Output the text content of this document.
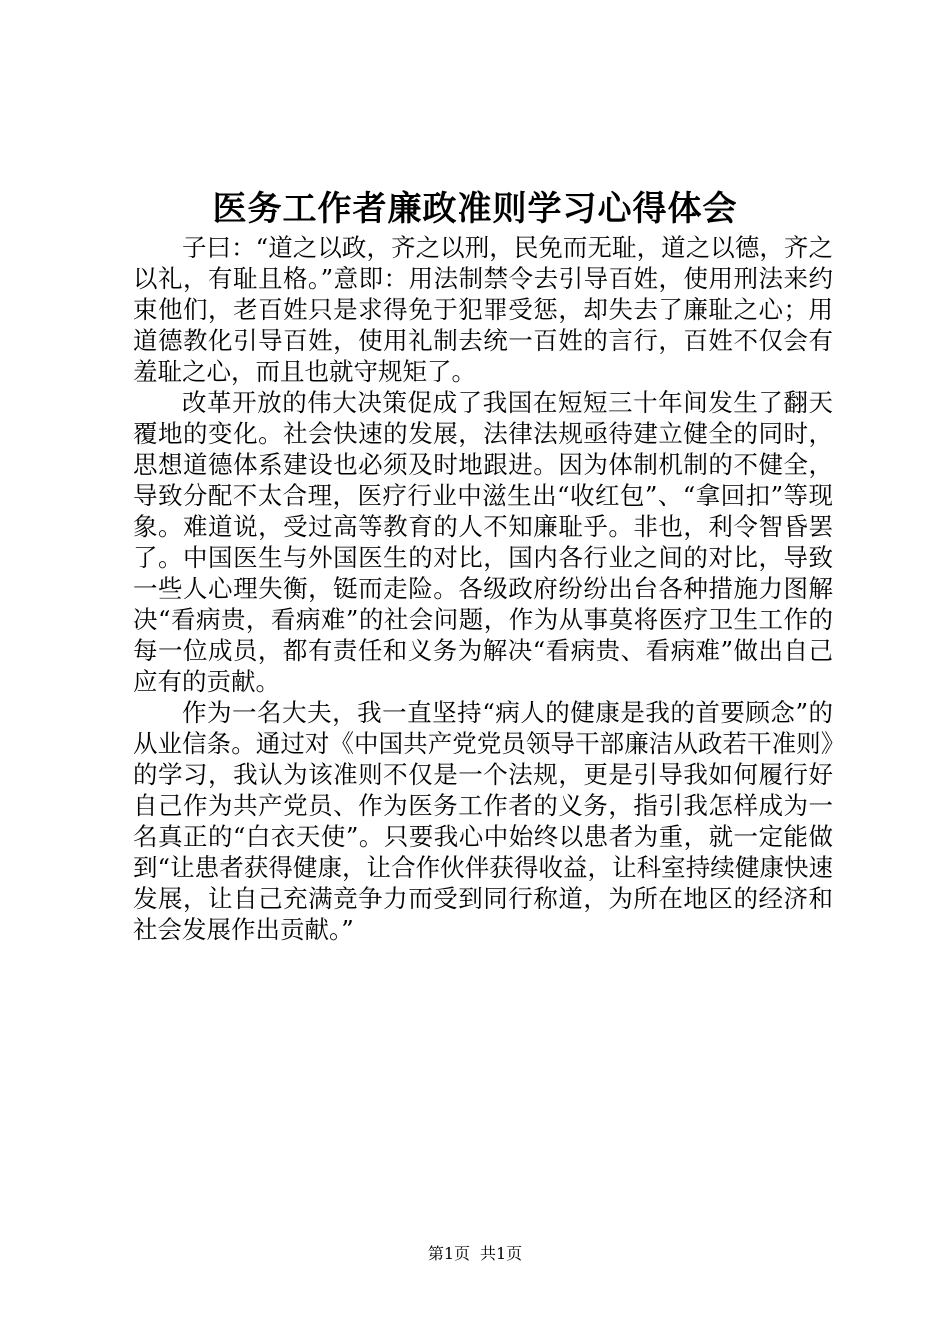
医务工作者廉政准则学习心得体会

子曰：“道之以政，齐之以刑，民免而无耻，道之以德，齐之以礼，有耻且格。”意即：用法制禁令去引导百姓，使用刑法来约束他们，老百姓只是求得免于犯罪受惩，却失去了廉耻之心；用道德教化引导百姓，使用礼制去统一百姓的言行，百姓不仅会有羞耻之心，而且也就守规矩了。

改革开放的伟大决策促成了我国在短短三十年间发生了翻天覆地的变化。社会快速的发展，法律法规亟待建立健全的同时，思想道德体系建设也必须及时地跟进。因为体制机制的不健全，导致分配不太合理，医疗行业中滋生出“收红包”、“拿回扣”等现象。难道说，受过高等教育的人不知廉耻乎。非也，利令智昏罢了。中国医生与外国医生的对比，国内各行业之间的对比，导致一些人心理失衡，铤而走险。各级政府纷纷出台各种措施力图解决“看病贵，看病难”的社会问题，作为从事莫将医疗卫生工作的每一位成员，都有责任和义务为解决“看病贵、看病难”做出自己应有的贡献。

作为一名大夫，我一直坚持“病人的健康是我的首要顾念”的从业信条。通过对《中国共产党党员领导干部廉洁从政若干准则》的学习，我认为该准则不仅是一个法规，更是引导我如何履行好自己作为共产党员、作为医务工作者的义务，指引我怎样成为一名真正的“白衣天使”。只要我心中始终以患者为重，就一定能做到“让患者获得健康，让合作伙伴获得收益，让科室持续健康快速发展，让自己充满竞争力而受到同行称道，为所在地区的经济和社会发展作出贡献。”

第1页 共1页
